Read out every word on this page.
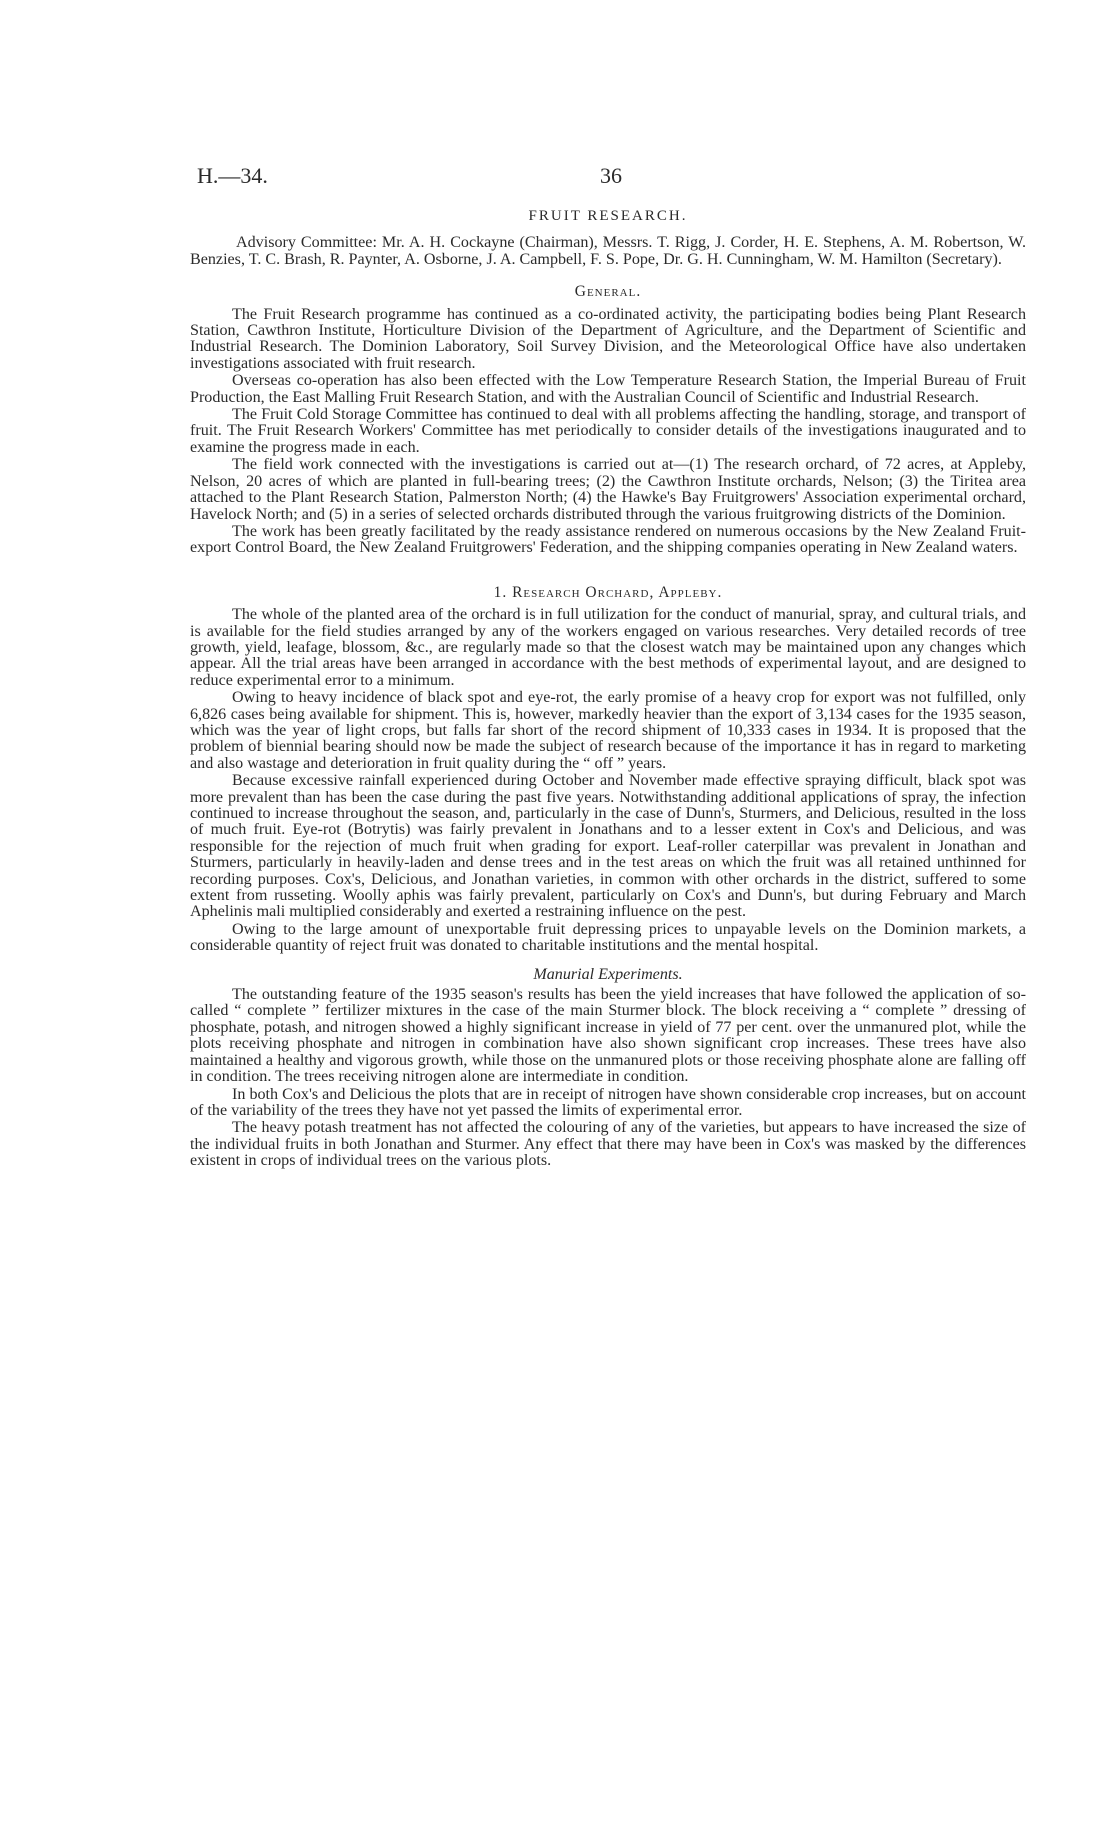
H.—34.	36
FRUIT RESEARCH.

Advisory Committee: Mr. A. H. Cockayne (Chairman), Messrs. T. Rigg, J. Corder, H. E. Stephens, A. M. Robertson, W. Benzies, T. C. Brash, R. Paynter, A. Osborne, J. A. Campbell, F. S. Pope, Dr. G. H. Cunningham, W. M. Hamilton (Secretary).

General.

The Fruit Research programme has continued as a co-ordinated activity, the participating bodies being Plant Research Station, Cawthron Institute, Horticulture Division of the Department of Agriculture, and the Department of Scientific and Industrial Research. The Dominion Laboratory, Soil Survey Division, and the Meteorological Office have also undertaken investigations associated with fruit research.

Overseas co-operation has also been effected with the Low Temperature Research Station, the Imperial Bureau of Fruit Production, the East Malling Fruit Research Station, and with the Australian Council of Scientific and Industrial Research.

The Fruit Cold Storage Committee has continued to deal with all problems affecting the handling, storage, and transport of fruit. The Fruit Research Workers' Committee has met periodically to consider details of the investigations inaugurated and to examine the progress made in each.

The field work connected with the investigations is carried out at—(1) The research orchard, of 72 acres, at Appleby, Nelson, 20 acres of which are planted in full-bearing trees; (2) the Cawthron Institute orchards, Nelson; (3) the Tiritea area attached to the Plant Research Station, Palmerston North; (4) the Hawke's Bay Fruitgrowers' Association experimental orchard, Havelock North; and (5) in a series of selected orchards distributed through the various fruitgrowing districts of the Dominion.

The work has been greatly facilitated by the ready assistance rendered on numerous occasions by the New Zealand Fruit-export Control Board, the New Zealand Fruitgrowers' Federation, and the shipping companies operating in New Zealand waters.

1. Research Orchard, Appleby.

The whole of the planted area of the orchard is in full utilization for the conduct of manurial, spray, and cultural trials, and is available for the field studies arranged by any of the workers engaged on various researches. Very detailed records of tree growth, yield, leafage, blossom, &c., are regularly made so that the closest watch may be maintained upon any changes which appear. All the trial areas have been arranged in accordance with the best methods of experimental layout, and are designed to reduce experimental error to a minimum.

Owing to heavy incidence of black spot and eye-rot, the early promise of a heavy crop for export was not fulfilled, only 6,826 cases being available for shipment. This is, however, markedly heavier than the export of 3,134 cases for the 1935 season, which was the year of light crops, but falls far short of the record shipment of 10,333 cases in 1934. It is proposed that the problem of biennial bearing should now be made the subject of research because of the importance it has in regard to marketing and also wastage and deterioration in fruit quality during the “ off ” years.

Because excessive rainfall experienced during October and November made effective spraying difficult, black spot was more prevalent than has been the case during the past five years. Notwithstanding additional applications of spray, the infection continued to increase throughout the season, and, particularly in the case of Dunn's, Sturmers, and Delicious, resulted in the loss of much fruit. Eye-rot (Botrytis) was fairly prevalent in Jonathans and to a lesser extent in Cox's and Delicious, and was responsible for the rejection of much fruit when grading for export. Leaf-roller caterpillar was prevalent in Jonathan and Sturmers, particularly in heavily-laden and dense trees and in the test areas on which the fruit was all retained unthinned for recording purposes. Cox's, Delicious, and Jonathan varieties, in common with other orchards in the district, suffered to some extent from russeting. Woolly aphis was fairly prevalent, particularly on Cox's and Dunn's, but during February and March Aphelinis mali multiplied considerably and exerted a restraining influence on the pest.

Owing to the large amount of unexportable fruit depressing prices to unpayable levels on the Dominion markets, a considerable quantity of reject fruit was donated to charitable institutions and the mental hospital.

Manurial Experiments.

The outstanding feature of the 1935 season's results has been the yield increases that have followed the application of so-called “ complete ” fertilizer mixtures in the case of the main Sturmer block. The block receiving a “ complete ” dressing of phosphate, potash, and nitrogen showed a highly significant increase in yield of 77 per cent. over the unmanured plot, while the plots receiving phosphate and nitrogen in combination have also shown significant crop increases. These trees have also maintained a healthy and vigorous growth, while those on the unmanured plots or those receiving phosphate alone are falling off in condition. The trees receiving nitrogen alone are intermediate in condition.

In both Cox's and Delicious the plots that are in receipt of nitrogen have shown considerable crop increases, but on account of the variability of the trees they have not yet passed the limits of experimental error.

The heavy potash treatment has not affected the colouring of any of the varieties, but appears to have increased the size of the individual fruits in both Jonathan and Sturmer. Any effect that there may have been in Cox's was masked by the differences existent in crops of individual trees on the various plots.
